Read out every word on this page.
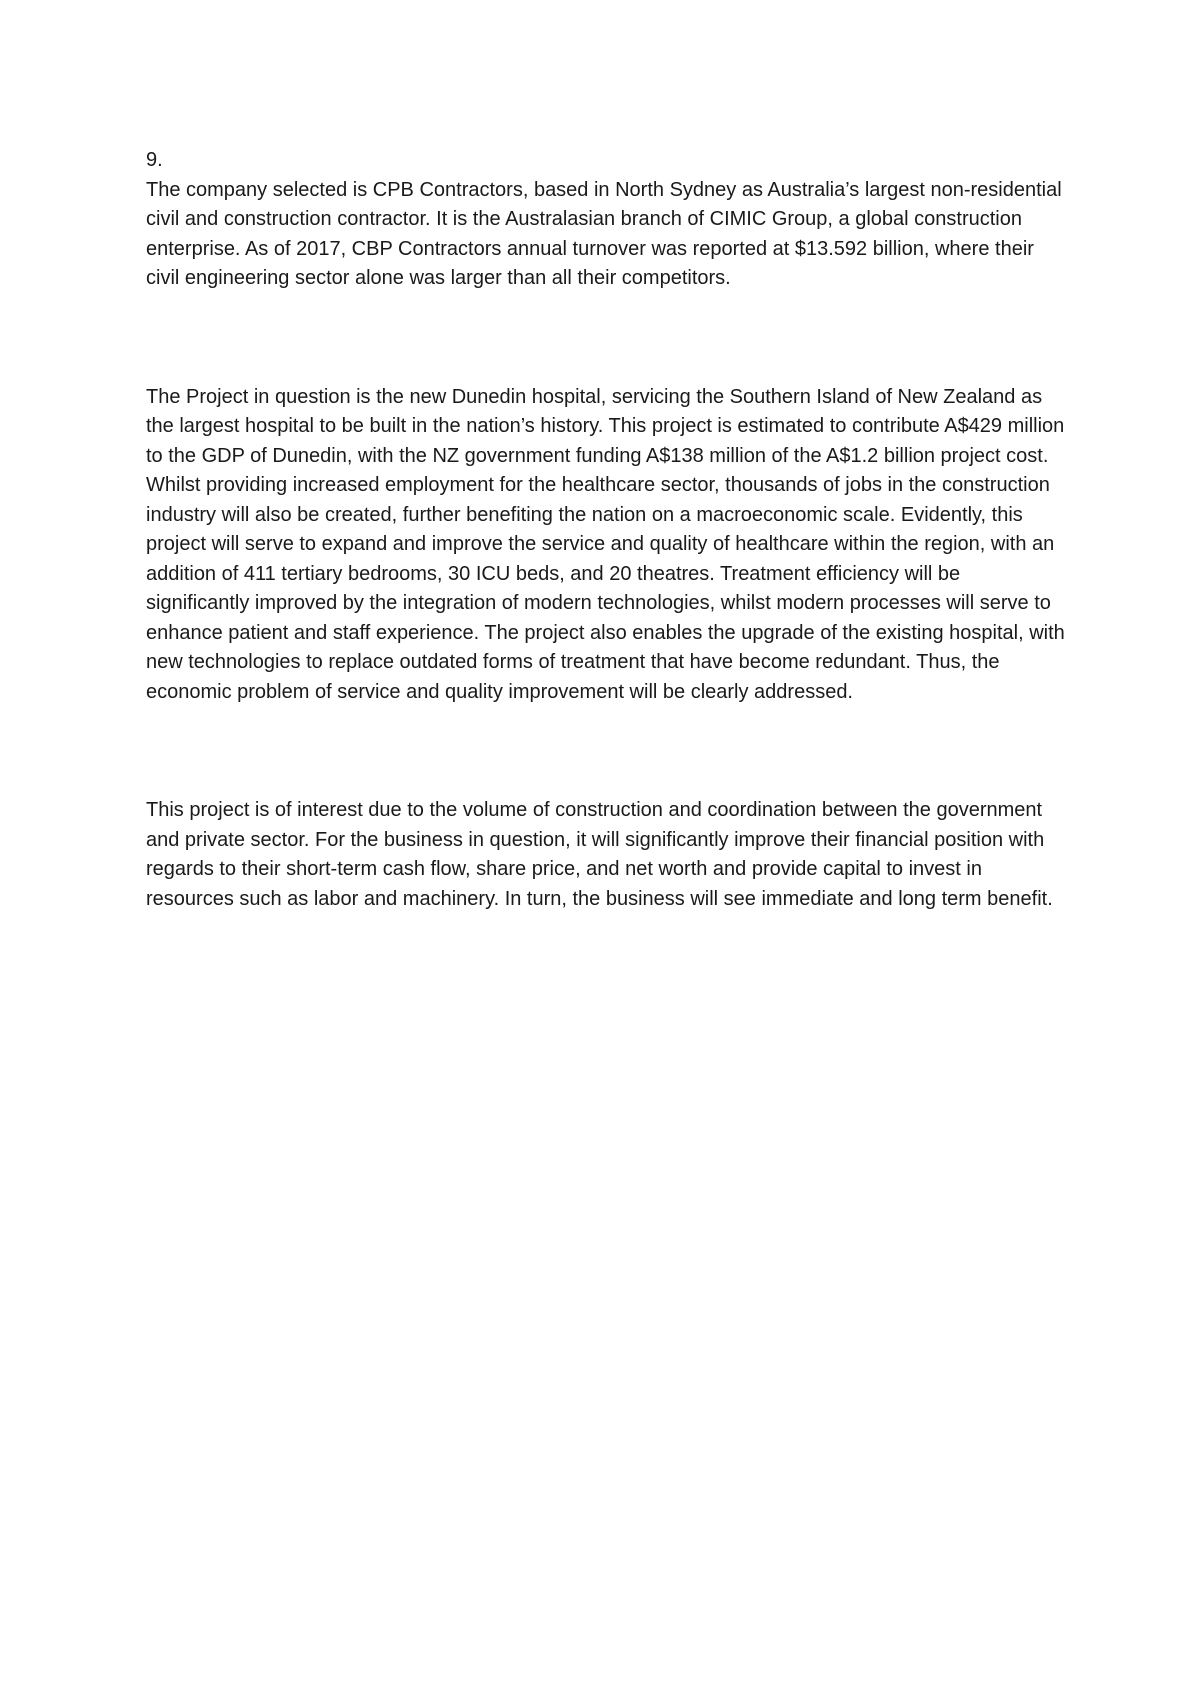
9.

The company selected is CPB Contractors, based in North Sydney as Australia’s largest non-residential civil and construction contractor. It is the Australasian branch of CIMIC Group, a global construction enterprise. As of 2017, CBP Contractors annual turnover was reported at $13.592 billion, where their civil engineering sector alone was larger than all their competitors.

The Project in question is the new Dunedin hospital, servicing the Southern Island of New Zealand as the largest hospital to be built in the nation’s history. This project is estimated to contribute A$429 million to the GDP of Dunedin, with the NZ government funding A$138 million of the A$1.2 billion project cost.  Whilst providing increased employment for the healthcare sector, thousands of jobs in the construction industry will also be created, further benefiting the nation on a macroeconomic scale. Evidently, this project will serve to expand and improve the service and quality of healthcare within the region, with an addition of 411 tertiary bedrooms, 30 ICU beds, and 20 theatres. Treatment efficiency will be significantly improved by the integration of modern technologies, whilst modern processes will serve to enhance patient and staff experience. The project also enables the upgrade of the existing hospital, with new technologies to replace outdated forms of treatment that have become redundant. Thus, the economic problem of service and quality improvement will be clearly addressed.

This project is of interest due to the volume of construction and coordination between the government and private sector. For the business in question, it will significantly improve their financial position with regards to their short-term cash flow, share price, and net worth and provide capital to invest in resources such as labor and machinery. In turn, the business will see immediate and long term benefit.
